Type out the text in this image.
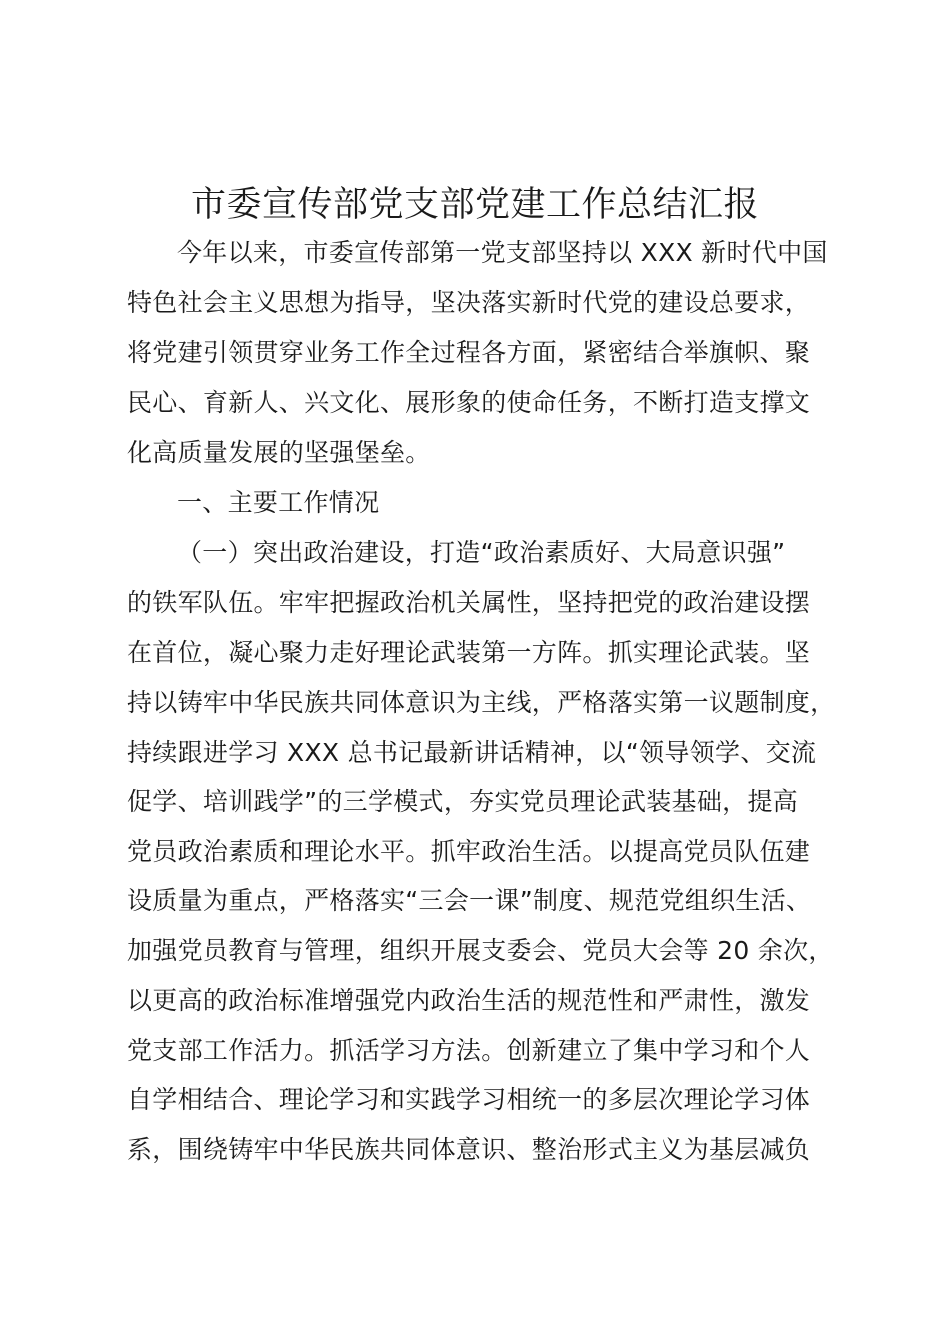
市委宣传部党支部党建工作总结汇报
今年以来，市委宣传部第一党支部坚持以 XXX 新时代中国
特色社会主义思想为指导，坚决落实新时代党的建设总要求，
将党建引领贯穿业务工作全过程各方面，紧密结合举旗帜、聚
民心、育新人、兴文化、展形象的使命任务，不断打造支撑文
化高质量发展的坚强堡垒。
一、主要工作情况
（一）突出政治建设，打造“政治素质好、大局意识强”
的铁军队伍。牢牢把握政治机关属性，坚持把党的政治建设摆
在首位，凝心聚力走好理论武装第一方阵。抓实理论武装。坚
持以铸牢中华民族共同体意识为主线，严格落实第一议题制度，
持续跟进学习 XXX 总书记最新讲话精神，以“领导领学、交流
促学、培训践学”的三学模式，夯实党员理论武装基础，提高
党员政治素质和理论水平。抓牢政治生活。以提高党员队伍建
设质量为重点，严格落实“三会一课”制度、规范党组织生活、
加强党员教育与管理，组织开展支委会、党员大会等 20 余次，
以更高的政治标准增强党内政治生活的规范性和严肃性，激发
党支部工作活力。抓活学习方法。创新建立了集中学习和个人
自学相结合、理论学习和实践学习相统一的多层次理论学习体
系，围绕铸牢中华民族共同体意识、整治形式主义为基层减负
